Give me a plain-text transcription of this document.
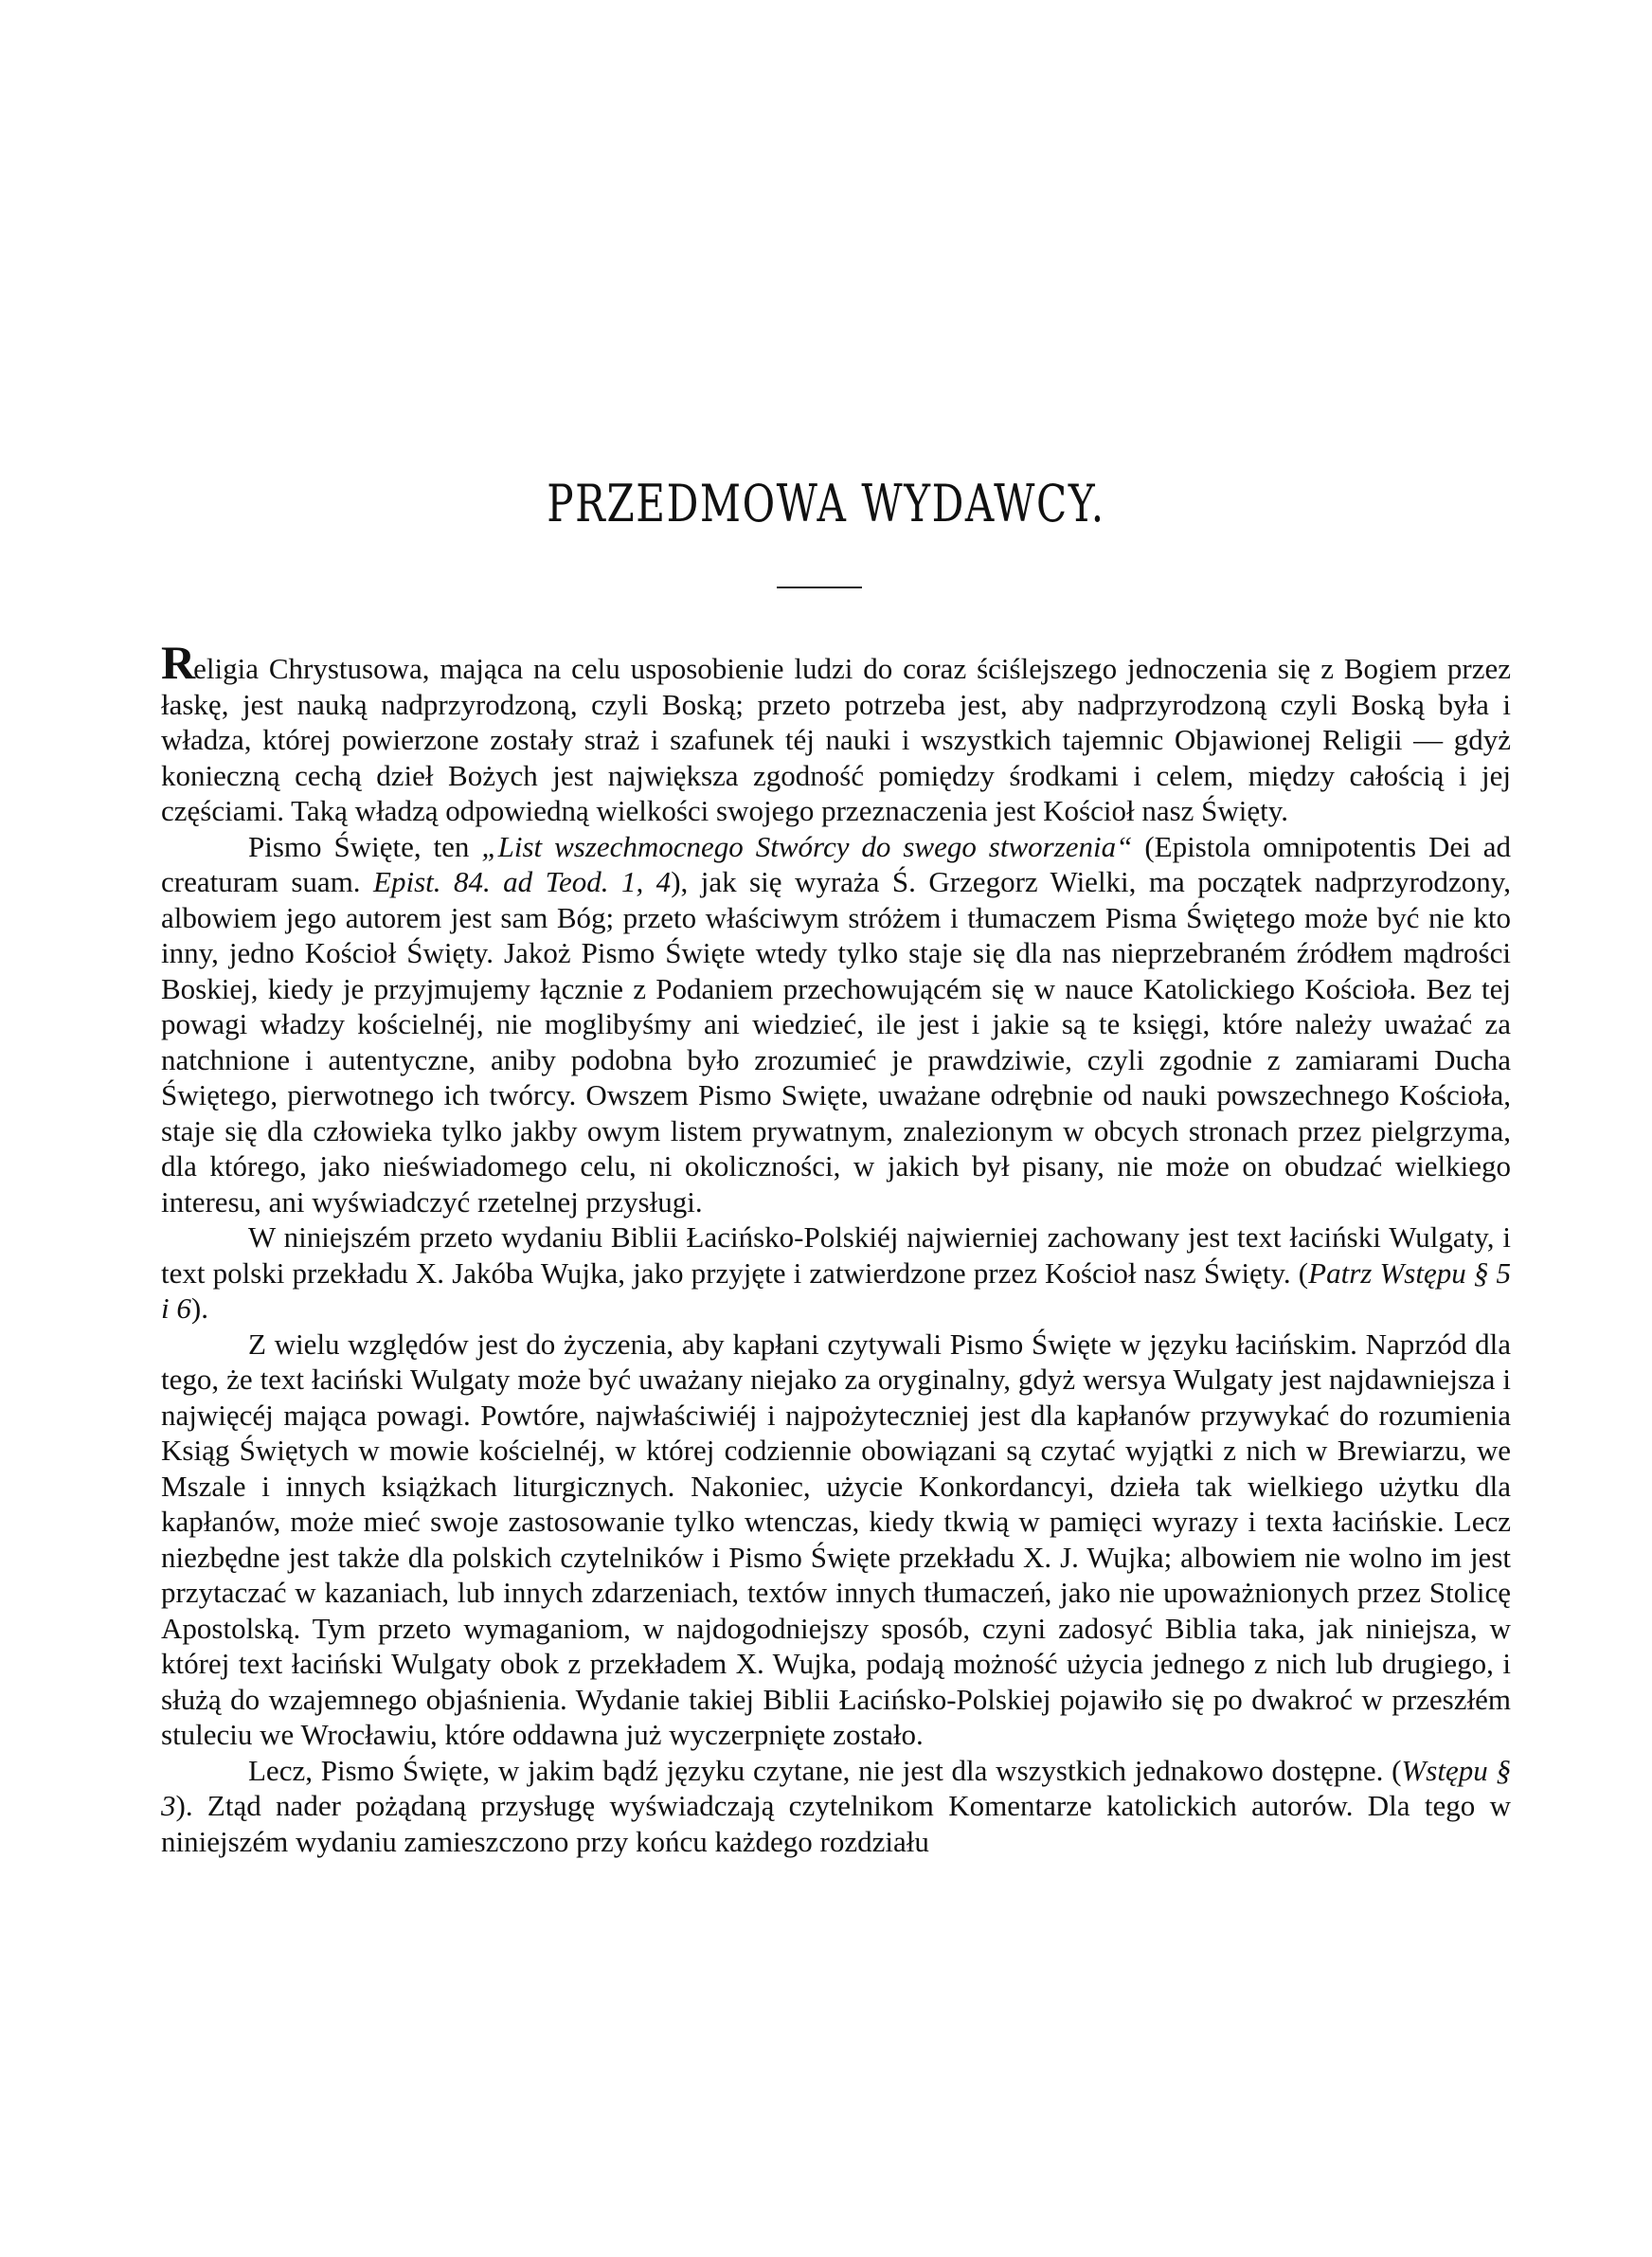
PRZEDMOWA WYDAWCY.

Religia Chrystusowa, mająca na celu usposobienie ludzi do coraz ściślejszego jednoczenia się z Bogiem przez łaskę, jest nauką nadprzyrodzoną, czyli Boską; przeto potrzeba jest, aby nadprzyrodzoną czyli Boską była i władza, której powierzone zostały straż i szafunek téj nauki i wszystkich tajemnic Objawionej Religii — gdyż konieczną cechą dzieł Bożych jest największa zgodność pomiędzy środkami i celem, między całością i jej częściami. Taką władzą odpowiedną wielkości swojego przeznaczenia jest Kościoł nasz Święty.

Pismo Święte, ten „List wszechmocnego Stwórcy do swego stworzenia“ (Epistola omnipotentis Dei ad creaturam suam. Epist. 84. ad Teod. 1, 4), jak się wyraża Ś. Grzegorz Wielki, ma początek nadprzyrodzony, albowiem jego autorem jest sam Bóg; przeto właściwym stróżem i tłumaczem Pisma Świętego może być nie kto inny, jedno Kościoł Święty. Jakoż Pismo Święte wtedy tylko staje się dla nas nieprzebraném źródłem mądrości Boskiej, kiedy je przyjmujemy łącznie z Podaniem przechowującém się w nauce Katolickiego Kościoła. Bez tej powagi władzy kościelnéj, nie moglibyśmy ani wiedzieć, ile jest i jakie są te księgi, które należy uważać za natchnione i autentyczne, aniby podobna było zrozumieć je prawdziwie, czyli zgodnie z zamiarami Ducha Świętego, pierwotnego ich twórcy. Owszem Pismo Swięte, uważane odrębnie od nauki powszechnego Kościoła, staje się dla człowieka tylko jakby owym listem prywatnym, znalezionym w obcych stronach przez pielgrzyma, dla którego, jako nieświadomego celu, ni okoliczności, w jakich był pisany, nie może on obudzać wielkiego interesu, ani wyświadczyć rzetelnej przysługi.

W niniejszém przeto wydaniu Biblii Łacińsko-Polskiéj najwierniej zachowany jest text łaciński Wulgaty, i text polski przekładu X. Jakóba Wujka, jako przyjęte i zatwierdzone przez Kościoł nasz Święty. (Patrz Wstępu § 5 i 6).

Z wielu względów jest do życzenia, aby kapłani czytywali Pismo Święte w języku łacińskim. Naprzód dla tego, że text łaciński Wulgaty może być uważany niejako za oryginalny, gdyż wersya Wulgaty jest najdawniejsza i najwięcéj mająca powagi. Powtóre, najwłaściwiéj i najpożyteczniej jest dla kapłanów przywykać do rozumienia Ksiąg Świętych w mowie kościelnéj, w której codziennie obowiązani są czytać wyjątki z nich w Brewiarzu, we Mszale i innych książkach liturgicznych. Nakoniec, użycie Konkordancyi, dzieła tak wielkiego użytku dla kapłanów, może mieć swoje zastosowanie tylko wtenczas, kiedy tkwią w pamięci wyrazy i texta łacińskie. Lecz niezbędne jest także dla polskich czytelników i Pismo Święte przekładu X. J. Wujka; albowiem nie wolno im jest przytaczać w kazaniach, lub innych zdarzeniach, textów innych tłumaczeń, jako nie upoważnionych przez Stolicę Apostolską. Tym przeto wymaganiom, w najdogodniejszy sposób, czyni zadosyć Biblia taka, jak niniejsza, w której text łaciński Wulgaty obok z przekładem X. Wujka, podają możność użycia jednego z nich lub drugiego, i służą do wzajemnego objaśnienia. Wydanie takiej Biblii Łacińsko-Polskiej pojawiło się po dwakroć w przeszłém stuleciu we Wrocławiu, które oddawna już wyczerpnięte zostało.

Lecz, Pismo Święte, w jakim bądź języku czytane, nie jest dla wszystkich jednakowo dostępne. (Wstępu § 3). Ztąd nader pożądaną przysługę wyświadczają czytelnikom Komentarze katolickich autorów. Dla tego w niniejszém wydaniu zamieszczono przy końcu każdego rozdziału
